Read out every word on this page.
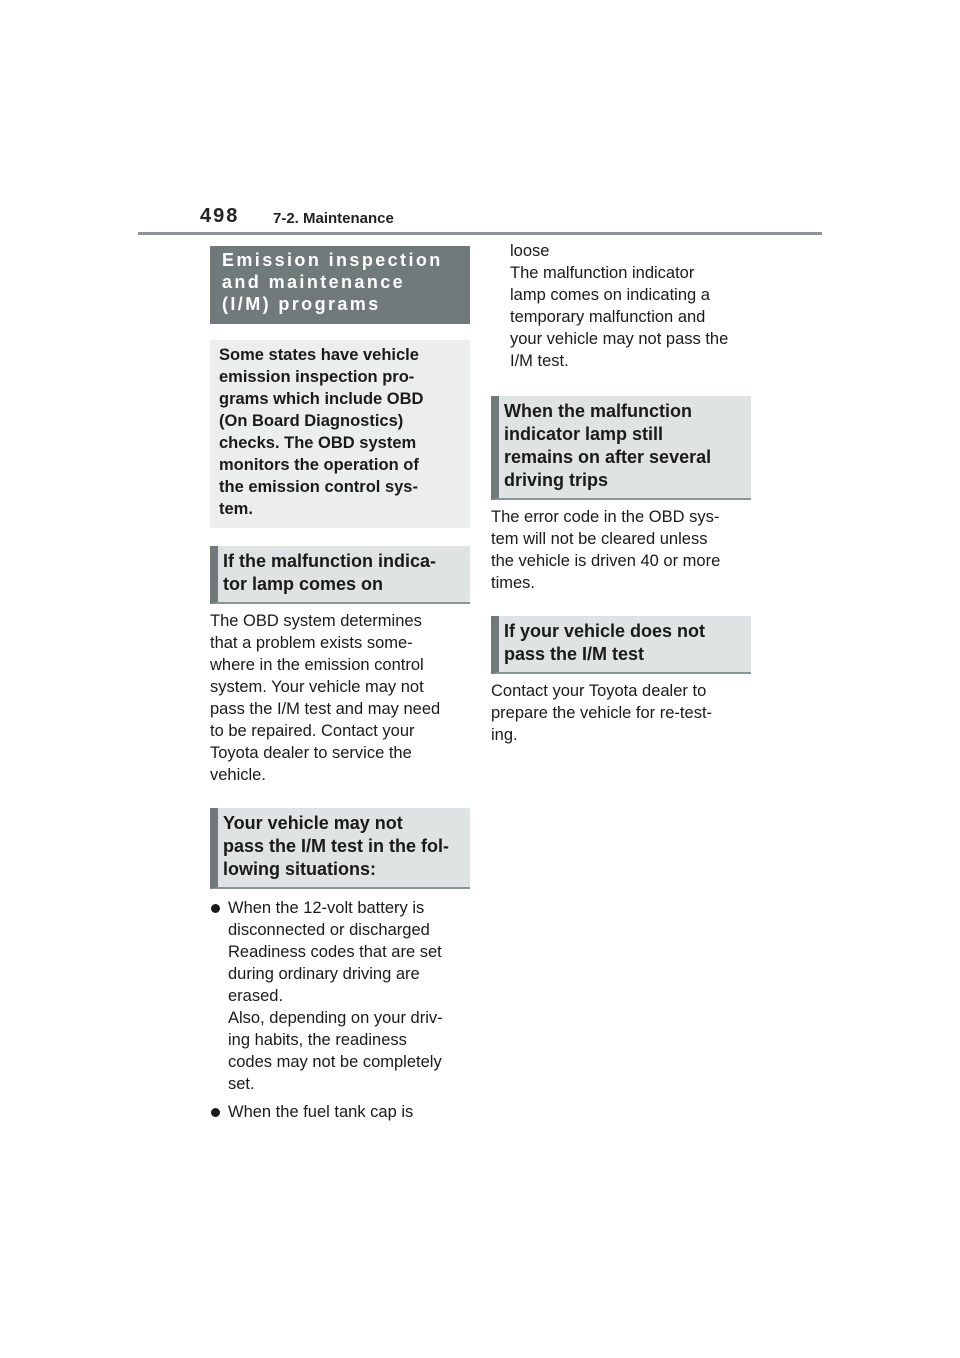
498 7-2. Maintenance
Emission inspection and maintenance (I/M) programs
Some states have vehicle
emission inspection pro-
grams which include OBD
(On Board Diagnostics)
checks. The OBD system
monitors the operation of
the emission control sys-
tem.
If the malfunction indica-
tor lamp comes on
The OBD system determines
that a problem exists some-
where in the emission control
system. Your vehicle may not
pass the I/M test and may need
to be repaired. Contact your
Toyota dealer to service the
vehicle.
Your vehicle may not
pass the I/M test in the fol-
lowing situations:
When the 12-volt battery is
disconnected or discharged
Readiness codes that are set
during ordinary driving are
erased.
Also, depending on your driv-
ing habits, the readiness
codes may not be completely
set.
When the fuel tank cap is
loose
The malfunction indicator
lamp comes on indicating a
temporary malfunction and
your vehicle may not pass the
I/M test.
When the malfunction
indicator lamp still
remains on after several
driving trips
The error code in the OBD sys-
tem will not be cleared unless
the vehicle is driven 40 or more
times.
If your vehicle does not
pass the I/M test
Contact your Toyota dealer to
prepare the vehicle for re-test-
ing.
